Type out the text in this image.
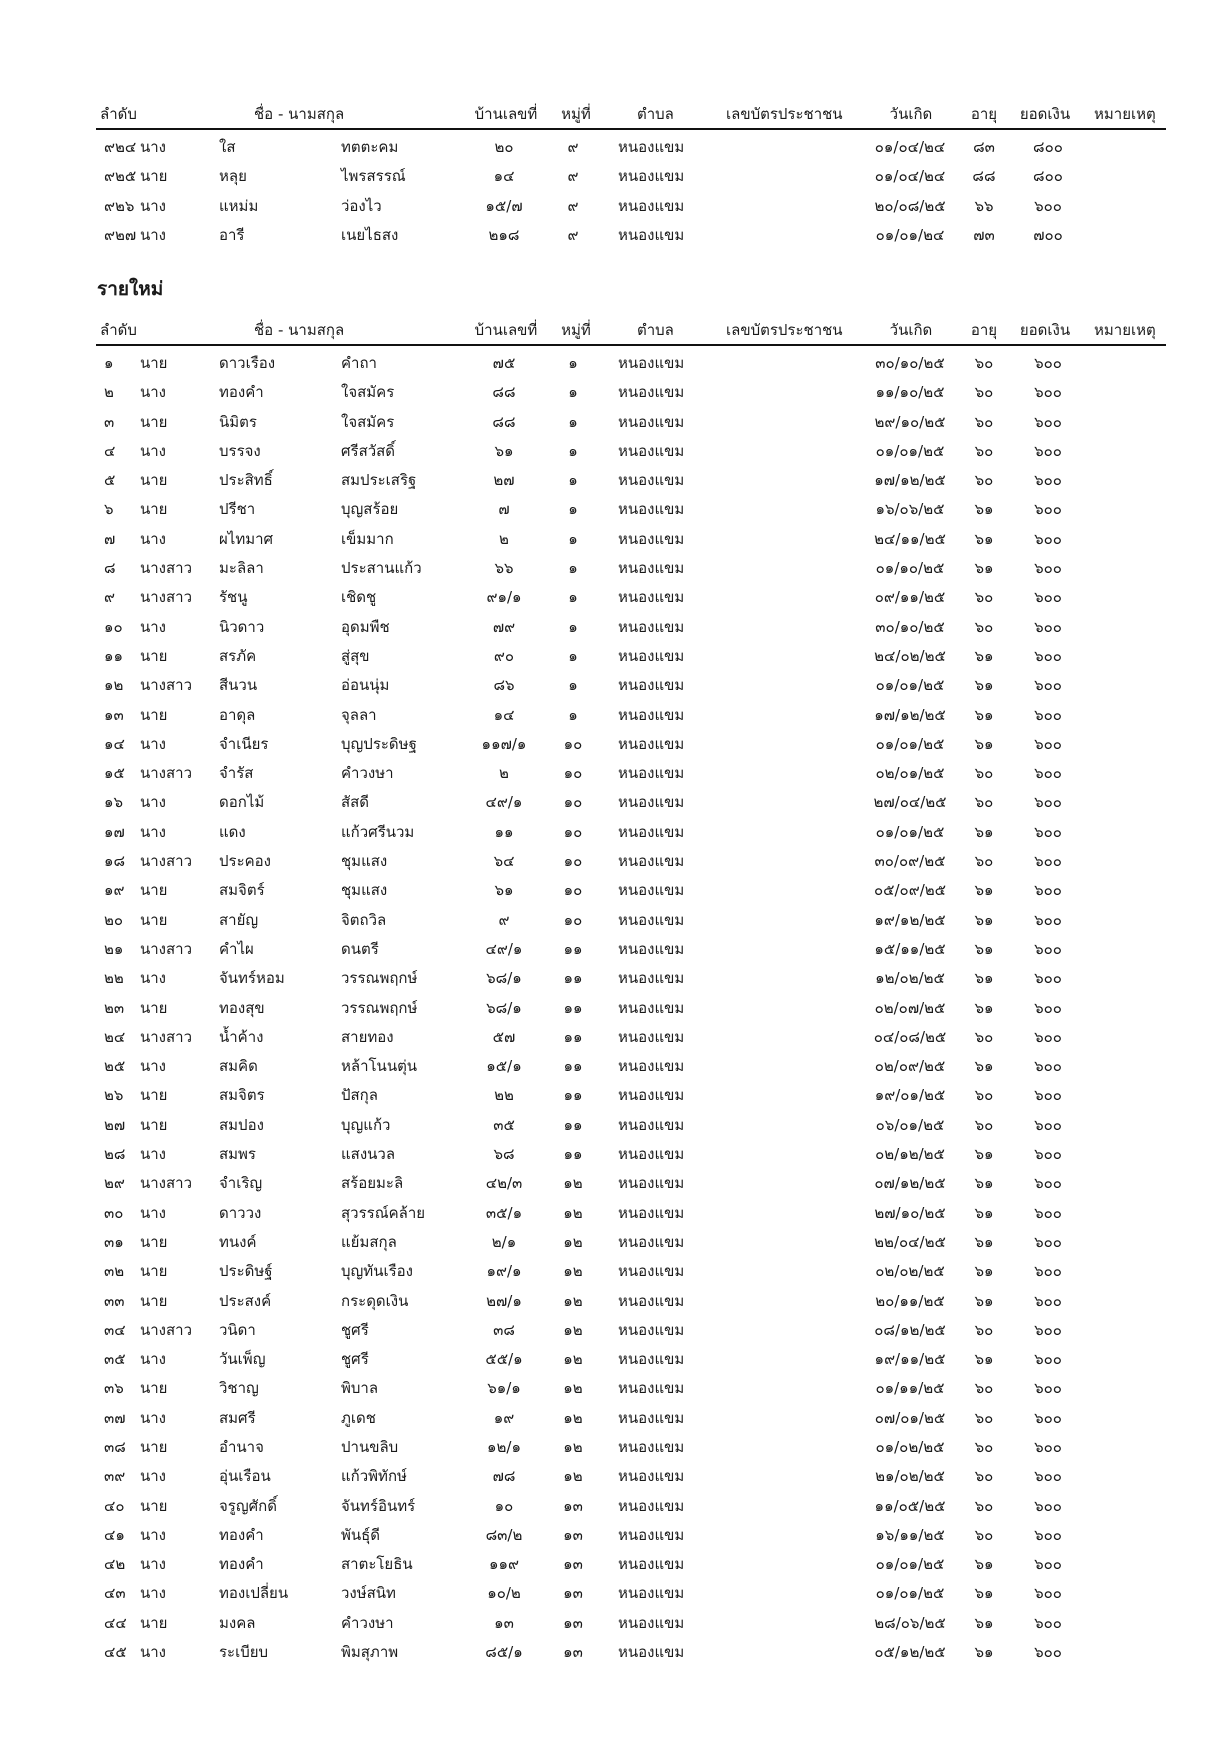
ลำดับ	ชื่อ - นามสกุล	บ้านเลขที่	หมู่ที่	ตำบล	เลขบัตรประชาชน	วันเกิด	อายุ	ยอดเงิน	หมายเหตุ
๙๒๔ นาง	ใส	ทตตะคม	๒๐	๙	หนองแขม	๐๑/๐๔/๒๔	๘๓	๘๐๐
๙๒๕ นาย	หลุย	ไพรสรรณ์	๑๔	๙	หนองแขม	๐๑/๐๔/๒๔	๘๘	๘๐๐
๙๒๖ นาง	แหม่ม	ว่องไว	๑๕/๗	๙	หนองแขม	๒๐/๐๘/๒๕	๖๖	๖๐๐
๙๒๗ นาง	อารี	เนยไธสง	๒๑๘	๙	หนองแขม	๐๑/๐๑/๒๔	๗๓	๗๐๐
รายใหม่
ลำดับ	ชื่อ - นามสกุล	บ้านเลขที่	หมู่ที่	ตำบล	เลขบัตรประชาชน	วันเกิด	อายุ	ยอดเงิน	หมายเหตุ
๑ นาย	ดาวเรือง	คำถา	๗๕	๑	หนองแขม	๓๐/๑๐/๒๕	๖๐	๖๐๐
๒ นาง	ทองคำ	ใจสมัคร	๘๘	๑	หนองแขม	๑๑/๑๐/๒๕	๖๐	๖๐๐
๓ นาย	นิมิตร	ใจสมัคร	๘๘	๑	หนองแขม	๒๙/๑๐/๒๕	๖๐	๖๐๐
๔ นาง	บรรจง	ศรีสวัสดิ์	๖๑	๑	หนองแขม	๐๑/๐๑/๒๕	๖๐	๖๐๐
๕ นาย	ประสิทธิ์	สมประเสริฐ	๒๗	๑	หนองแขม	๑๗/๑๒/๒๕	๖๐	๖๐๐
๖ นาย	ปรีชา	บุญสร้อย	๗	๑	หนองแขม	๑๖/๐๖/๒๕	๖๑	๖๐๐
๗ นาง	ผไทมาศ	เข็มมาก	๒	๑	หนองแขม	๒๔/๑๑/๒๕	๖๑	๖๐๐
๘ นางสาว มะลิลา	ประสานแก้ว	๖๖	๑	หนองแขม	๐๑/๑๐/๒๕	๖๑	๖๐๐
๙ นางสาว รัชนู	เชิดชู	๙๑/๑	๑	หนองแขม	๐๙/๑๑/๒๕	๖๐	๖๐๐
๑๐ นาง	นิวดาว	อุดมพืช	๗๙	๑	หนองแขม	๓๐/๑๐/๒๕	๖๐	๖๐๐
๑๑ นาย	สรภัค	สู่สุข	๙๐	๑	หนองแขม	๒๔/๐๒/๒๕	๖๑	๖๐๐
๑๒ นางสาว สีนวน	อ่อนนุ่ม	๘๖	๑	หนองแขม	๐๑/๐๑/๒๕	๖๑	๖๐๐
๑๓ นาย	อาดุล	จุลลา	๑๔	๑	หนองแขม	๑๗/๑๒/๒๕	๖๑	๖๐๐
๑๔ นาง	จำเนียร	บุญประดิษฐ	๑๑๗/๑	๑๐	หนองแขม	๐๑/๐๑/๒๕	๖๑	๖๐๐
๑๕ นางสาว จำรัส	คำวงษา	๒	๑๐	หนองแขม	๐๒/๐๑/๒๕	๖๐	๖๐๐
๑๖ นาง	ดอกไม้	สัสดี	๔๙/๑	๑๐	หนองแขม	๒๗/๐๔/๒๕	๖๐	๖๐๐
๑๗ นาง	แดง	แก้วศรีนวม	๑๑	๑๐	หนองแขม	๐๑/๐๑/๒๕	๖๑	๖๐๐
๑๘ นางสาว ประคอง	ชุมแสง	๖๔	๑๐	หนองแขม	๓๐/๐๙/๒๕	๖๐	๖๐๐
๑๙ นาย	สมจิตร์	ชุมแสง	๖๑	๑๐	หนองแขม	๐๕/๐๙/๒๕	๖๑	๖๐๐
๒๐ นาย	สายัญ	จิตถวิล	๙	๑๐	หนองแขม	๑๙/๑๒/๒๕	๖๑	๖๐๐
๒๑ นางสาว คำไผ	ดนตรี	๔๙/๑	๑๑	หนองแขม	๑๕/๑๑/๒๕	๖๑	๖๐๐
๒๒ นาง	จันทร์หอม	วรรณพฤกษ์	๖๘/๑	๑๑	หนองแขม	๑๒/๐๒/๒๕	๖๑	๖๐๐
๒๓ นาย	ทองสุข	วรรณพฤกษ์	๖๘/๑	๑๑	หนองแขม	๐๒/๐๗/๒๕	๖๑	๖๐๐
๒๔ นางสาว น้ำค้าง	สายทอง	๕๗	๑๑	หนองแขม	๐๔/๐๘/๒๕	๖๐	๖๐๐
๒๕ นาง	สมคิด	หล้าโนนตุ่น	๑๕/๑	๑๑	หนองแขม	๐๒/๐๙/๒๕	๖๑	๖๐๐
๒๖ นาย	สมจิตร	ปัสกุล	๒๒	๑๑	หนองแขม	๑๙/๐๑/๒๕	๖๐	๖๐๐
๒๗ นาย	สมปอง	บุญแก้ว	๓๕	๑๑	หนองแขม	๐๖/๐๑/๒๕	๖๐	๖๐๐
๒๘ นาง	สมพร	แสงนวล	๖๘	๑๑	หนองแขม	๐๒/๑๒/๒๕	๖๑	๖๐๐
๒๙ นางสาว จำเริญ	สร้อยมะลิ	๔๒/๓	๑๒	หนองแขม	๐๗/๑๒/๒๕	๖๑	๖๐๐
๓๐ นาง	ดาววง	สุวรรณ์คล้าย	๓๕/๑	๑๒	หนองแขม	๒๗/๑๐/๒๕	๖๑	๖๐๐
๓๑ นาย	ทนงค์	แย้มสกุล	๒/๑	๑๒	หนองแขม	๒๒/๐๔/๒๕	๖๑	๖๐๐
๓๒ นาย	ประดิษฐ์	บุญทันเรือง	๑๙/๑	๑๒	หนองแขม	๐๒/๐๒/๒๕	๖๑	๖๐๐
๓๓ นาย	ประสงค์	กระดุดเงิน	๒๗/๑	๑๒	หนองแขม	๒๐/๑๑/๒๕	๖๑	๖๐๐
๓๔ นางสาว วนิดา	ชูศรี	๓๘	๑๒	หนองแขม	๐๘/๑๒/๒๕	๖๐	๖๐๐
๓๕ นาง	วันเพ็ญ	ชูศรี	๕๕/๑	๑๒	หนองแขม	๑๙/๑๑/๒๕	๖๑	๖๐๐
๓๖ นาย	วิชาญ	พิบาล	๖๑/๑	๑๒	หนองแขม	๐๑/๑๑/๒๕	๖๐	๖๐๐
๓๗ นาง	สมศรี	ภูเดช	๑๙	๑๒	หนองแขม	๐๗/๐๑/๒๕	๖๐	๖๐๐
๓๘ นาย	อำนาจ	ปานขลิบ	๑๒/๑	๑๒	หนองแขม	๐๑/๐๒/๒๕	๖๐	๖๐๐
๓๙ นาง	อุ่นเรือน	แก้วพิทักษ์	๗๘	๑๒	หนองแขม	๒๑/๐๒/๒๕	๖๐	๖๐๐
๔๐ นาย	จรูญศักดิ์	จันทร์อินทร์	๑๐	๑๓	หนองแขม	๑๑/๐๕/๒๕	๖๐	๖๐๐
๔๑ นาง	ทองคำ	พันธุ์ดี	๘๓/๒	๑๓	หนองแขม	๑๖/๑๑/๒๕	๖๐	๖๐๐
๔๒ นาง	ทองคำ	สาตะโยธิน	๑๑๙	๑๓	หนองแขม	๐๑/๐๑/๒๕	๖๑	๖๐๐
๔๓ นาง	ทองเปลี่ยน	วงษ์สนิท	๑๐/๒	๑๓	หนองแขม	๐๑/๐๑/๒๕	๖๑	๖๐๐
๔๔ นาย	มงคล	คำวงษา	๑๓	๑๓	หนองแขม	๒๘/๐๖/๒๕	๖๑	๖๐๐
๔๕ นาง	ระเบียบ	พิมสุภาพ	๘๕/๑	๑๓	หนองแขม	๐๕/๑๒/๒๕	๖๑	๖๐๐
